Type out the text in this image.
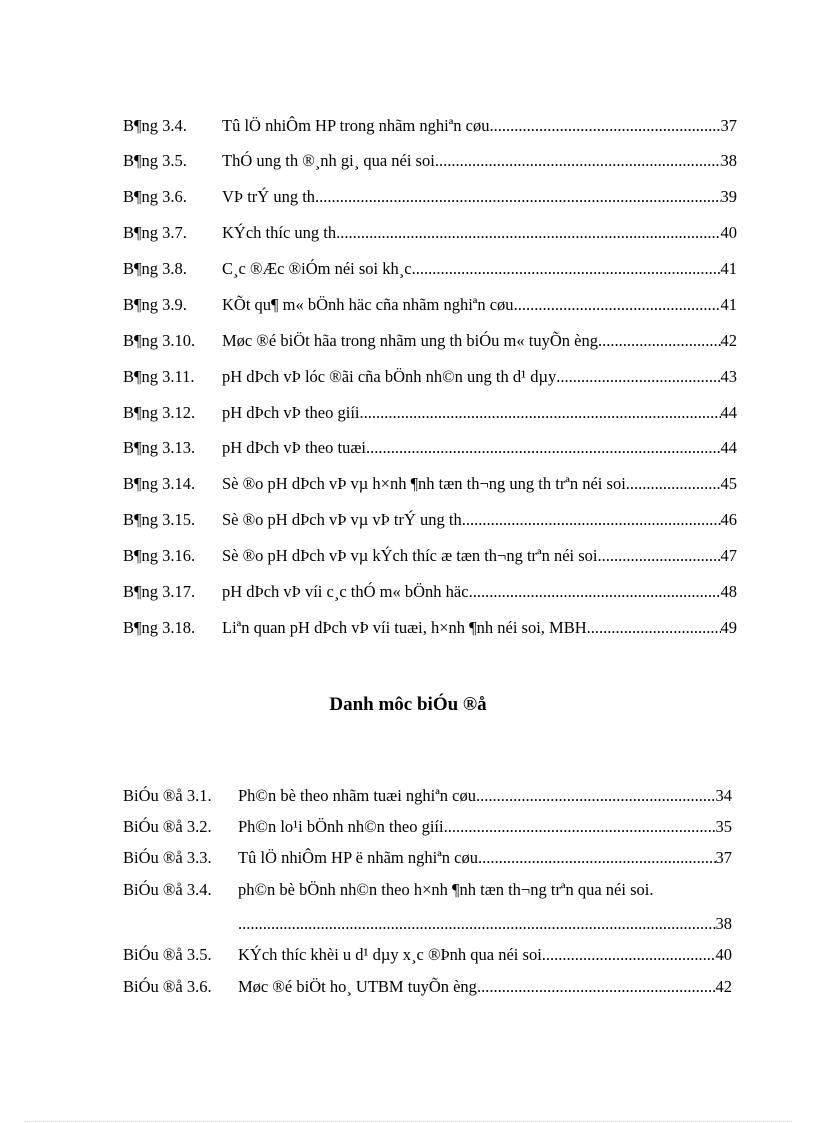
B¶ng 3.4.	Tû lÖ nhiÔm HP trong nhãm nghiªn cøu .....	37
B¶ng 3.5.	ThÓ ung th ®¸nh gi¸ qua néi soi .....	38
B¶ng 3.6.	VÞ trÝ ung th .....	39
B¶ng 3.7.	KÝch thíc ung th .....	40
B¶ng 3.8.	C¸c ®Æc ®iÓm néi soi kh¸c .....	41
B¶ng 3.9.	KÕt qu¶ m« bÖnh häc cña nhãm nghiªn cøu .....	41
B¶ng 3.10.	Møc ®é biÖt hãa trong nhãm ung th biÓu m« tuyÕn èng .....	42
B¶ng 3.11.	pH dÞch vÞ lóc ®ãi cña bÖnh nh©n ung th d¹ dµy .....	43
B¶ng 3.12.	pH dÞch vÞ theo giíi .....	44
B¶ng 3.13.	pH dÞch vÞ theo tuæi .....	44
B¶ng 3.14.	Sè ®o pH dÞch vÞ vµ h×nh ¶nh tæn th¬ng ung th trªn néi soi .....	45
B¶ng 3.15.	Sè ®o pH dÞch vÞ vµ vÞ trÝ ung th .....	46
B¶ng 3.16.	Sè ®o pH dÞch vÞ vµ kÝch thíc æ tæn th¬ng trªn néi soi .....	47
B¶ng 3.17.	pH dÞch vÞ víi c¸c thÓ m« bÖnh häc .....	48
B¶ng 3.18.	Liªn quan pH dÞch vÞ víi tuæi, h×nh ¶nh néi soi, MBH .....	49
Danh môc biÓu ®å
BiÓu ®å 3.1.	Ph©n bè theo nhãm tuæi nghiªn cøu .....	34
BiÓu ®å 3.2.	Ph©n lo¹i bÖnh nh©n theo giíi .....	35
BiÓu ®å 3.3.	Tû lÖ nhiÔm HP ë nhãm nghiªn cøu .....	37
BiÓu ®å 3.4.	ph©n bè bÖnh nh©n theo h×nh ¶nh tæn th¬ng trªn qua néi soi.
.....
38
BiÓu ®å 3.5.	KÝch thíc khèi u d¹ dµy x¸c ®Þnh qua néi soi .....	40
BiÓu ®å 3.6.	Møc ®é biÖt ho¸ UTBM tuyÕn èng .....	42
